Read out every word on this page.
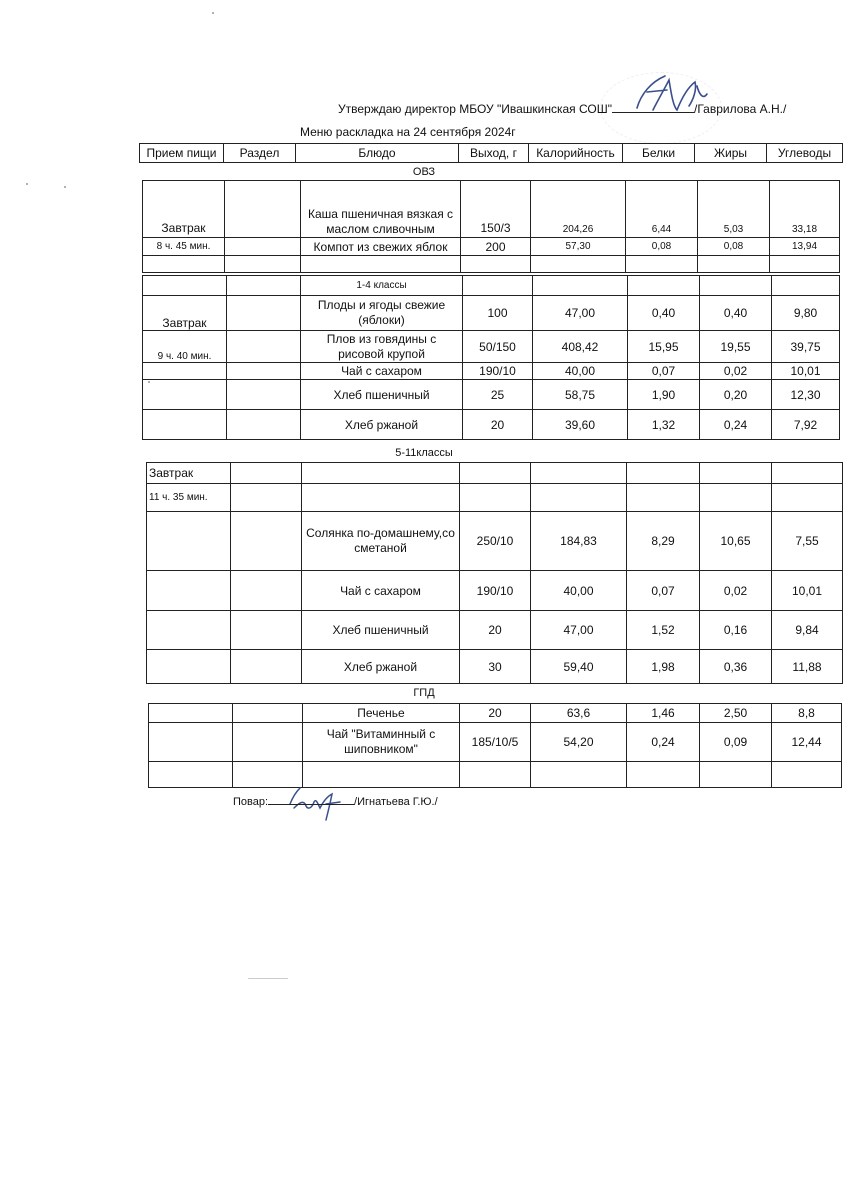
Утверждаю директор МБОУ "Ивашкинская СОШ"	/Гаврилова А.Н./
Меню раскладка на 24 сентября 2024г
Прием пищи	Раздел	Блюдо	Выход, г	Калорийность	Белки	Жиры	Углеводы
ОВЗ
Завтрак		Каша пшеничная вязкая с маслом сливочным	150/3	204,26	6,44	5,03	33,18
8 ч. 45 мин.		Компот из свежих яблок	200	57,30	0,08	0,08	13,94

		1-4 классы					
Завтрак		Плоды и ягоды свежие (яблоки)	100	47,00	0,40	0,40	9,80
9 ч. 40 мин.		Плов из говядины с рисовой крупой	50/150	408,42	15,95	19,55	39,75
		Чай с сахаром	190/10	40,00	0,07	0,02	10,01
		Хлеб пшеничный	25	58,75	1,90	0,20	12,30
		Хлеб ржаной	20	39,60	1,32	0,24	7,92
5-11классы
Завтрак							
11 ч. 35 мин.							
		Солянка по-домашнему,со сметаной	250/10	184,83	8,29	10,65	7,55
		Чай с сахаром	190/10	40,00	0,07	0,02	10,01
		Хлеб пшеничный	20	47,00	1,52	0,16	9,84
		Хлеб ржаной	30	59,40	1,98	0,36	11,88
ГПД
		Печенье	20	63,6	1,46	2,50	8,8
		Чай "Витаминный с шиповником"	185/10/5	54,20	0,24	0,09	12,44

Повар:	/Игнатьева Г.Ю./
